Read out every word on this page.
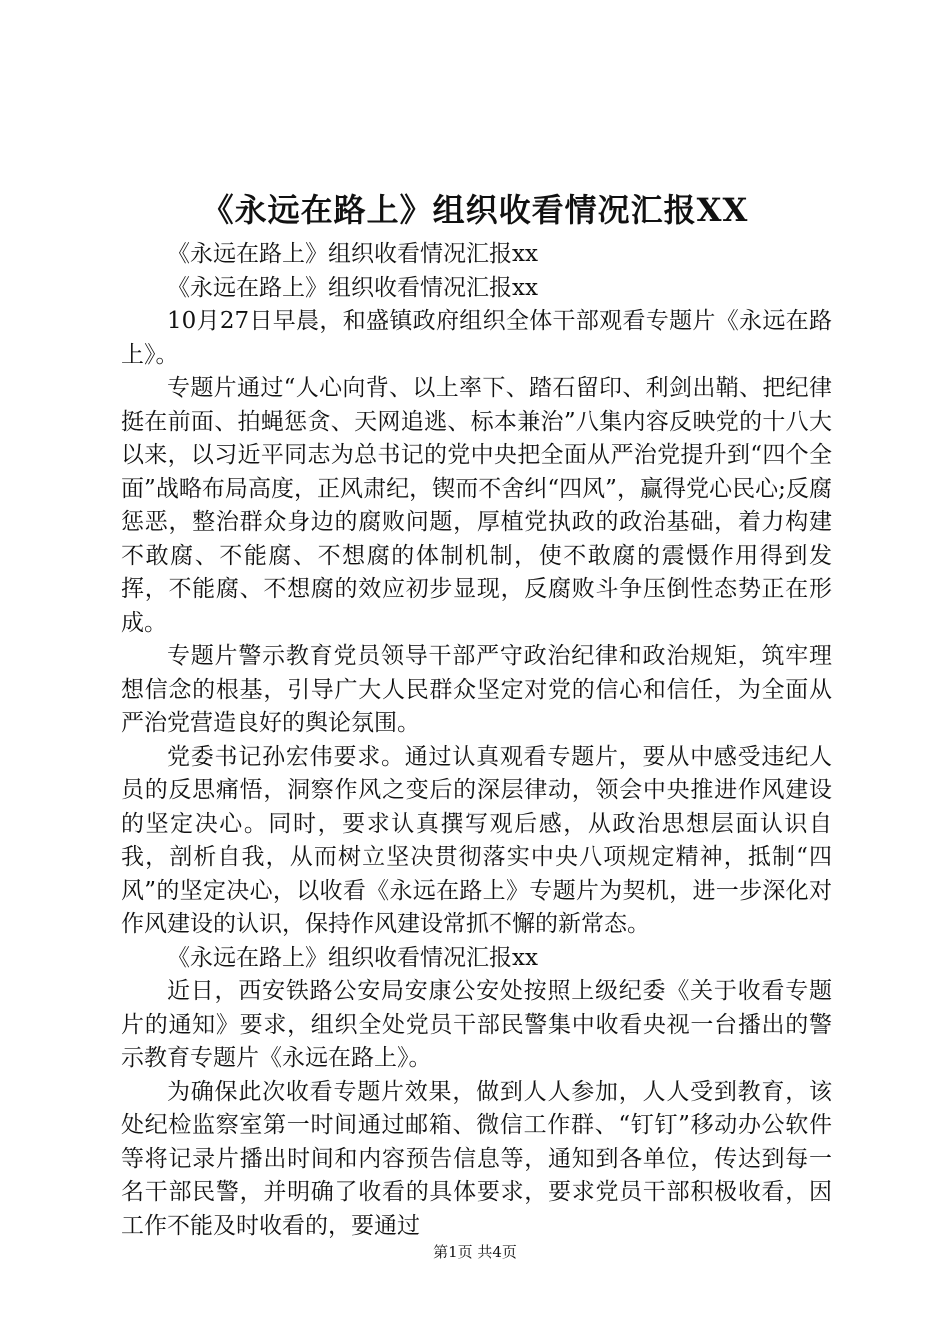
《永远在路上》组织收看情况汇报XX

《永远在路上》组织收看情况汇报xx

《永远在路上》组织收看情况汇报xx

10月27日早晨，和盛镇政府组织全体干部观看专题片《永远在路上》。

专题片通过“人心向背、以上率下、踏石留印、利剑出鞘、把纪律挺在前面、拍蝇惩贪、天网追逃、标本兼治”八集内容反映党的十八大以来，以习近平同志为总书记的党中央把全面从严治党提升到“四个全面”战略布局高度，正风肃纪，锲而不舍纠“四风”，赢得党心民心;反腐惩恶，整治群众身边的腐败问题，厚植党执政的政治基础，着力构建不敢腐、不能腐、不想腐的体制机制，使不敢腐的震慑作用得到发挥，不能腐、不想腐的效应初步显现，反腐败斗争压倒性态势正在形成。

专题片警示教育党员领导干部严守政治纪律和政治规矩，筑牢理想信念的根基，引导广大人民群众坚定对党的信心和信任，为全面从严治党营造良好的舆论氛围。

党委书记孙宏伟要求。通过认真观看专题片，要从中感受违纪人员的反思痛悟，洞察作风之变后的深层律动，领会中央推进作风建设的坚定决心。同时，要求认真撰写观后感，从政治思想层面认识自我，剖析自我，从而树立坚决贯彻落实中央八项规定精神，抵制“四风”的坚定决心，以收看《永远在路上》专题片为契机，进一步深化对作风建设的认识，保持作风建设常抓不懈的新常态。

《永远在路上》组织收看情况汇报xx

近日，西安铁路公安局安康公安处按照上级纪委《关于收看专题片的通知》要求，组织全处党员干部民警集中收看央视一台播出的警示教育专题片《永远在路上》。

为确保此次收看专题片效果，做到人人参加，人人受到教育，该处纪检监察室第一时间通过邮箱、微信工作群、“钉钉”移动办公软件等将记录片播出时间和内容预告信息等，通知到各单位，传达到每一名干部民警，并明确了收看的具体要求，要求党员干部积极收看，因工作不能及时收看的，要通过

第1页 共4页
